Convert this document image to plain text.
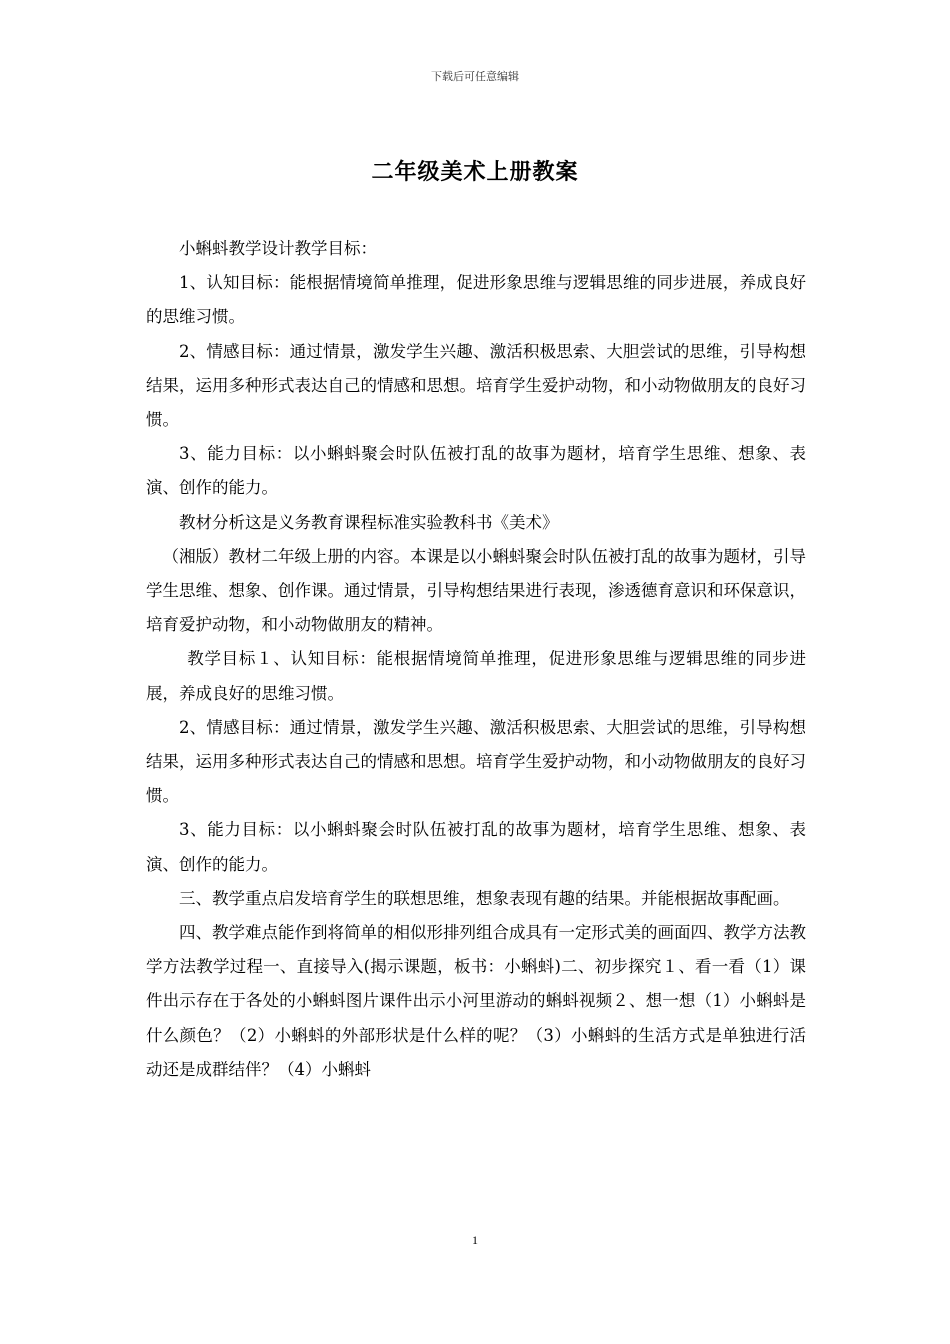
下载后可任意编辑
二年级美术上册教案

小蝌蚪教学设计教学目标：

1、认知目标：能根据情境简单推理，促进形象思维与逻辑思维的同步进展，养成良好的思维习惯。

2、情感目标：通过情景，激发学生兴趣、激活积极思索、大胆尝试的思维，引导构想结果，运用多种形式表达自己的情感和思想。培育学生爱护动物，和小动物做朋友的良好习惯。

3、能力目标：以小蝌蚪聚会时队伍被打乱的故事为题材，培育学生思维、想象、表演、创作的能力。

教材分析这是义务教育课程标准实验教科书《美术》

（湘版）教材二年级上册的内容。本课是以小蝌蚪聚会时队伍被打乱的故事为题材，引导学生思维、想象、创作课。通过情景，引导构想结果进行表现，渗透德育意识和环保意识，培育爱护动物，和小动物做朋友的精神。

教学目标１、认知目标：能根据情境简单推理，促进形象思维与逻辑思维的同步进展，养成良好的思维习惯。

2、情感目标：通过情景，激发学生兴趣、激活积极思索、大胆尝试的思维，引导构想结果，运用多种形式表达自己的情感和思想。培育学生爱护动物，和小动物做朋友的良好习惯。

3、能力目标：以小蝌蚪聚会时队伍被打乱的故事为题材，培育学生思维、想象、表演、创作的能力。

三、教学重点启发培育学生的联想思维，想象表现有趣的结果。并能根据故事配画。

四、教学难点能作到将简单的相似形排列组合成具有一定形式美的画面四、教学方法教学方法教学过程一、直接导入(揭示课题，板书：小蝌蚪)二、初步探究１、看一看（1）课件出示存在于各处的小蝌蚪图片课件出示小河里游动的蝌蚪视频２、想一想（1）小蝌蚪是什么颜色？（2）小蝌蚪的外部形状是什么样的呢？（3）小蝌蚪的生活方式是单独进行活动还是成群结伴？（4）小蝌蚪

1
